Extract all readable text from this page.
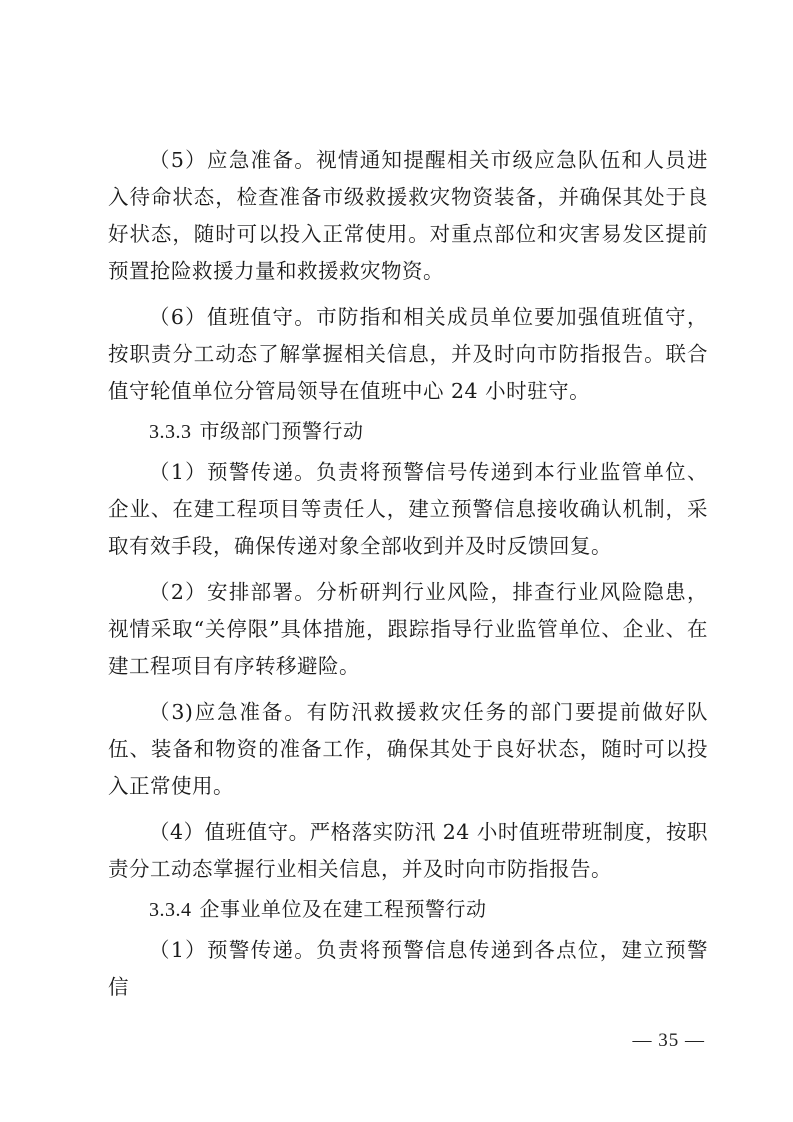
（5）应急准备。视情通知提醒相关市级应急队伍和人员进入待命状态，检查准备市级救援救灾物资装备，并确保其处于良好状态，随时可以投入正常使用。对重点部位和灾害易发区提前预置抢险救援力量和救援救灾物资。

（6）值班值守。市防指和相关成员单位要加强值班值守，按职责分工动态了解掌握相关信息，并及时向市防指报告。联合值守轮值单位分管局领导在值班中心 24 小时驻守。

3.3.3 市级部门预警行动

（1）预警传递。负责将预警信号传递到本行业监管单位、企业、在建工程项目等责任人，建立预警信息接收确认机制，采取有效手段，确保传递对象全部收到并及时反馈回复。

（2）安排部署。分析研判行业风险，排查行业风险隐患，视情采取“关停限”具体措施，跟踪指导行业监管单位、企业、在建工程项目有序转移避险。

（3)应急准备。有防汛救援救灾任务的部门要提前做好队伍、装备和物资的准备工作，确保其处于良好状态，随时可以投入正常使用。

（4）值班值守。严格落实防汛 24 小时值班带班制度，按职责分工动态掌握行业相关信息，并及时向市防指报告。

3.3.4 企事业单位及在建工程预警行动

（1）预警传递。负责将预警信息传递到各点位，建立预警信

— 35 —
